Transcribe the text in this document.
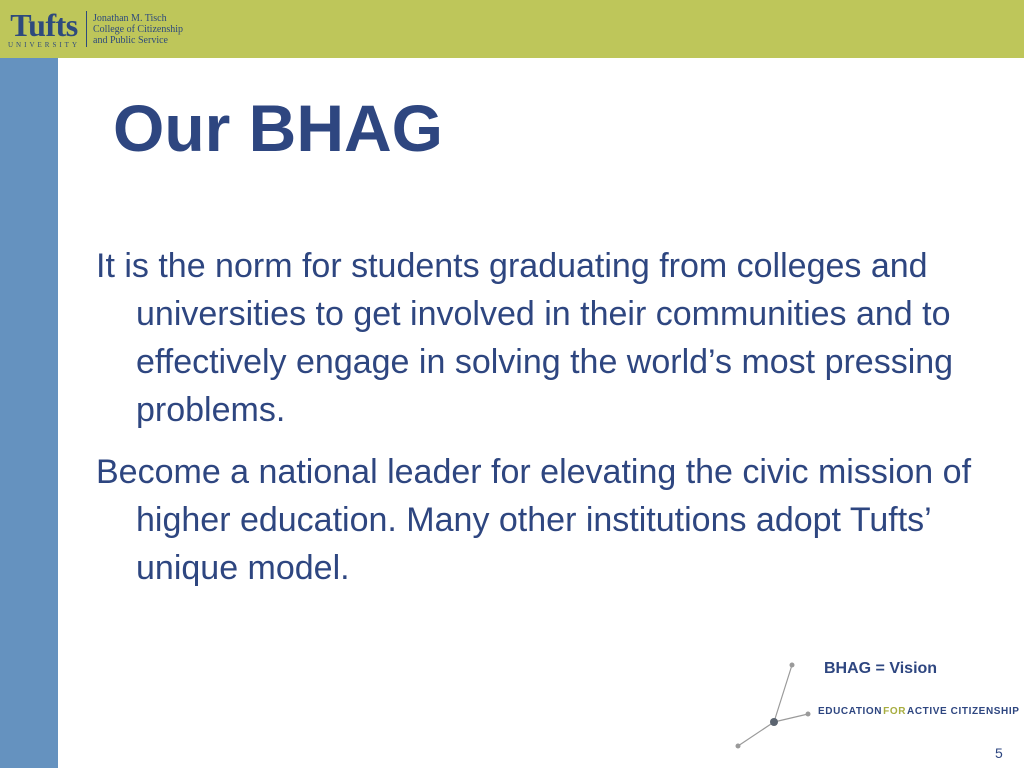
Tufts
UNIVERSITY
Jonathan M. Tisch
College of Citizenship
and Public Service
Our BHAG

It is the norm for students graduating from colleges and universities to get involved in their communities and to effectively engage in solving the world’s most pressing problems.

Become a national leader for elevating the civic mission of higher education. Many other institutions adopt Tufts’ unique model.

BHAG = Vision
EDUCATIONFORACTIVE CITIZENSHIP
5
